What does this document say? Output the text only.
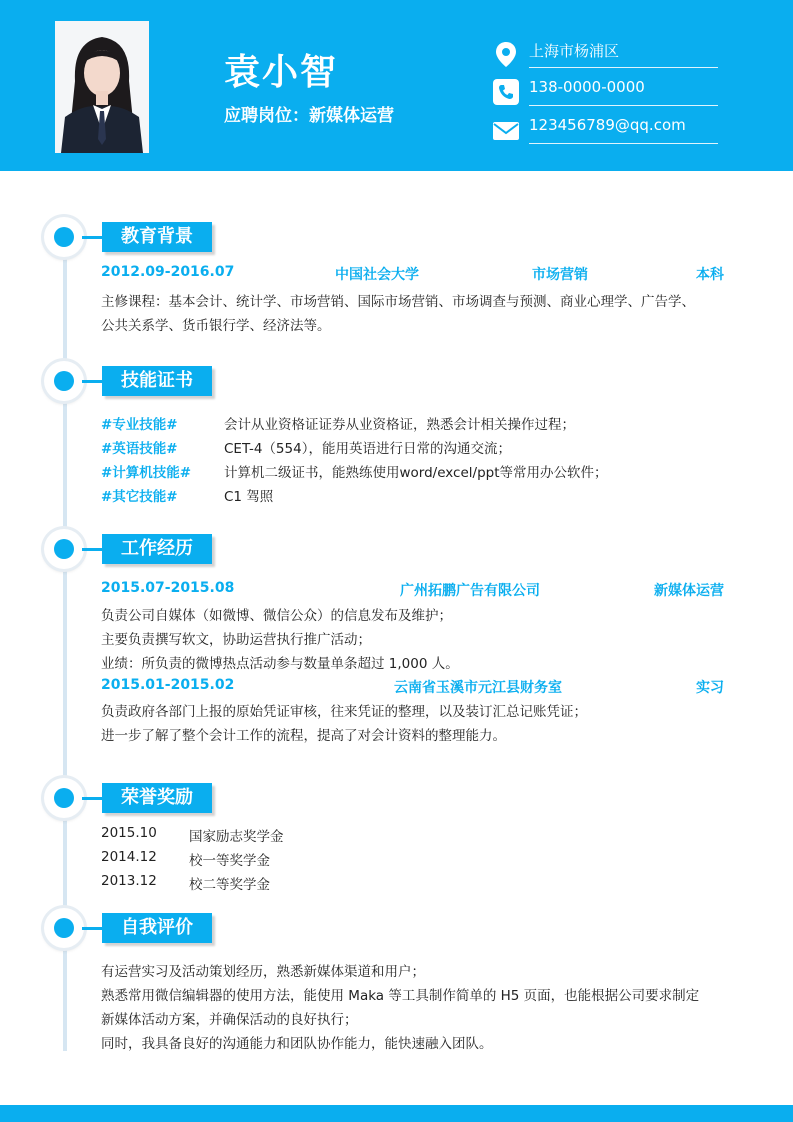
袁小智
应聘岗位：新媒体运营
上海市杨浦区
138-0000-0000
123456789@qq.com
教育背景
2012.09-2016.07	中国社会大学	市场营销	本科
主修课程：基本会计、统计学、市场营销、国际市场营销、市场调查与预测、商业心理学、广告学、
公共关系学、货币银行学、经济法等。
技能证书
#专业技能#	会计从业资格证证券从业资格证，熟悉会计相关操作过程；
#英语技能#	CET-4（554），能用英语进行日常的沟通交流；
#计算机技能# 计算机二级证书，能熟练使用word/excel/ppt等常用办公软件；
#其它技能#	C1 驾照
工作经历
2015.07-2015.08	广州拓鹏广告有限公司	新媒体运营
负责公司自媒体（如微博、微信公众）的信息发布及维护；
主要负责撰写软文，协助运营执行推广活动；
业绩：所负责的微博热点活动参与数量单条超过 1,000 人。
2015.01-2015.02	云南省玉溪市元江县财务室	实习
负责政府各部门上报的原始凭证审核，往来凭证的整理，以及装订汇总记账凭证；
进一步了解了整个会计工作的流程，提高了对会计资料的整理能力。
荣誉奖励
2015.10 国家励志奖学金
2014.12 校一等奖学金
2013.12 校二等奖学金
自我评价
有运营实习及活动策划经历，熟悉新媒体渠道和用户；
熟悉常用微信编辑器的使用方法，能使用 Maka 等工具制作简单的 H5 页面，也能根据公司要求制定
新媒体活动方案，并确保活动的良好执行；
同时，我具备良好的沟通能力和团队协作能力，能快速融入团队。
